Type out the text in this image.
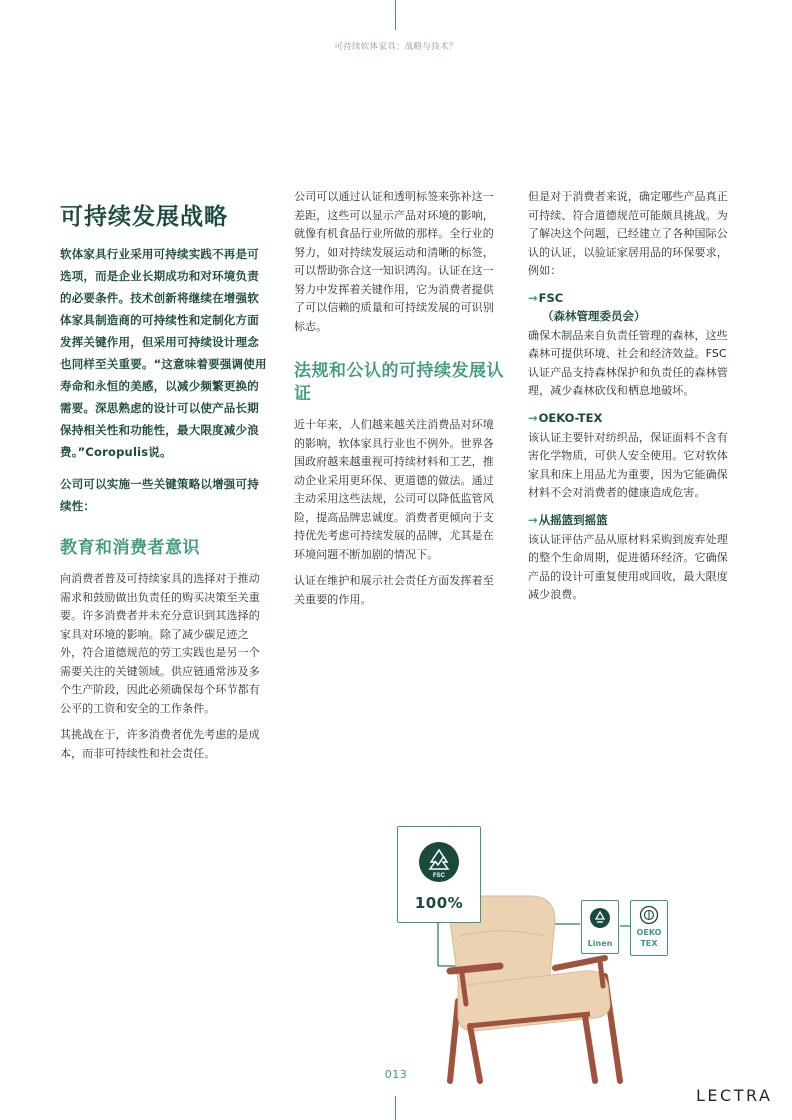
可持续软体家具：战略与技术？
可持续发展战略

软体家具行业采用可持续实践不再是可选项，而是企业长期成功和对环境负责的必要条件。技术创新将继续在增强软体家具制造商的可持续性和定制化方面发挥关键作用，但采用可持续设计理念也同样至关重要。“这意味着要强调使用寿命和永恒的美感，以减少频繁更换的需要。深思熟虑的设计可以使产品长期保持相关性和功能性，最大限度减少浪费。”Coropulis说。

公司可以实施一些关键策略以增强可持续性：

教育和消费者意识

向消费者普及可持续家具的选择对于推动需求和鼓励做出负责任的购买决策至关重要。许多消费者并未充分意识到其选择的家具对环境的影响。除了减少碳足迹之外，符合道德规范的劳工实践也是另一个需要关注的关键领域。供应链通常涉及多个生产阶段，因此必须确保每个环节都有公平的工资和安全的工作条件。

其挑战在于，许多消费者优先考虑的是成本，而非可持续性和社会责任。

公司可以通过认证和透明标签来弥补这一差距，这些可以显示产品对环境的影响，就像有机食品行业所做的那样。全行业的努力，如对持续发展运动和清晰的标签，可以帮助弥合这一知识鸿沟。认证在这一努力中发挥着关键作用，它为消费者提供了可以信赖的质量和可持续发展的可识别标志。

法规和公认的可持续发展认证

近十年来，人们越来越关注消费品对环境的影响，软体家具行业也不例外。世界各国政府越来越重视可持续材料和工艺，推动企业采用更环保、更道德的做法。通过主动采用这些法规，公司可以降低监管风险，提高品牌忠诚度。消费者更倾向于支持优先考虑可持续发展的品牌，尤其是在环境问题不断加剧的情况下。

认证在维护和展示社会责任方面发挥着至关重要的作用。

但是对于消费者来说，确定哪些产品真正可持续、符合道德规范可能颇具挑战。为了解决这个问题，已经建立了各种国际公认的认证，以验证家居用品的环保要求，例如：

→FSC
（森林管理委员会）

确保木制品来自负责任管理的森林，这些森林可提供环境、社会和经济效益。FSC 认证产品支持森林保护和负责任的森林管理，减少森林砍伐和栖息地破坏。

→OEKO-TEX

该认证主要针对纺织品，保证面料不含有害化学物质，可供人安全使用。它对软体家具和床上用品尤为重要，因为它能确保材料不会对消费者的健康造成危害。

→从摇篮到摇篮

该认证评估产品从原材料采购到废弃处理的整个生命周期，促进循环经济。它确保产品的设计可重复使用或回收，最大限度减少浪费。

FSC
100%
Linen
OEKO
TEX
013
LECTRA
